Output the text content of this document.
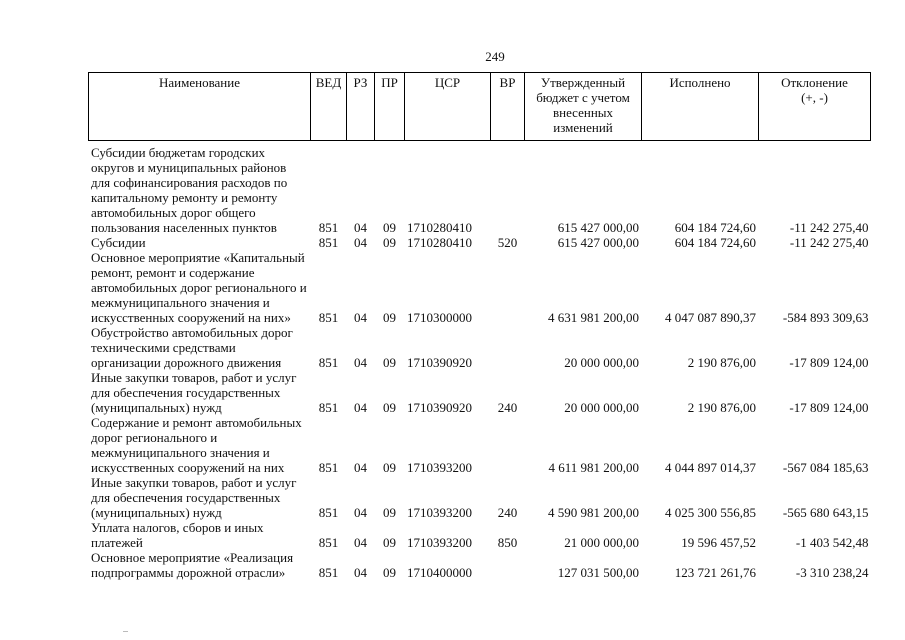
249
Наименование	ВЕД	РЗ	ПР	ЦСР	ВР	Утвержденный
бюджет с учетом
внесенных
изменений	Исполнено	Отклонение
(+, -)

Субсидии бюджетам городских округов и муниципальных районов для софинансирования расходов по капитальному ремонту и ремонту автомобильных дорог общего пользования населенных пунктов	851	04	09	1710280410		615 427 000,00	604 184 724,60	-11 242 275,40
Субсидии	851	04	09	1710280410	520	615 427 000,00	604 184 724,60	-11 242 275,40
Основное мероприятие «Капитальный ремонт, ремонт и содержание автомобильных дорог регионального и межмуниципального значения и искусственных сооружений на них»	851	04	09	1710300000		4 631 981 200,00	4 047 087 890,37	-584 893 309,63
Обустройство автомобильных дорог техническими средствами организации дорожного движения	851	04	09	1710390920		20 000 000,00	2 190 876,00	-17 809 124,00
Иные закупки товаров, работ и услуг для обеспечения государственных (муниципальных) нужд	851	04	09	1710390920	240	20 000 000,00	2 190 876,00	-17 809 124,00
Содержание и ремонт автомобильных дорог регионального и межмуниципального значения и искусственных сооружений на них	851	04	09	1710393200		4 611 981 200,00	4 044 897 014,37	-567 084 185,63
Иные закупки товаров, работ и услуг для обеспечения государственных (муниципальных) нужд	851	04	09	1710393200	240	4 590 981 200,00	4 025 300 556,85	-565 680 643,15
Уплата налогов, сборов и иных платежей	851	04	09	1710393200	850	21 000 000,00	19 596 457,52	-1 403 542,48
Основное мероприятие «Реализация подпрограммы дорожной отрасли»	851	04	09	1710400000		127 031 500,00	123 721 261,76	-3 310 238,24
